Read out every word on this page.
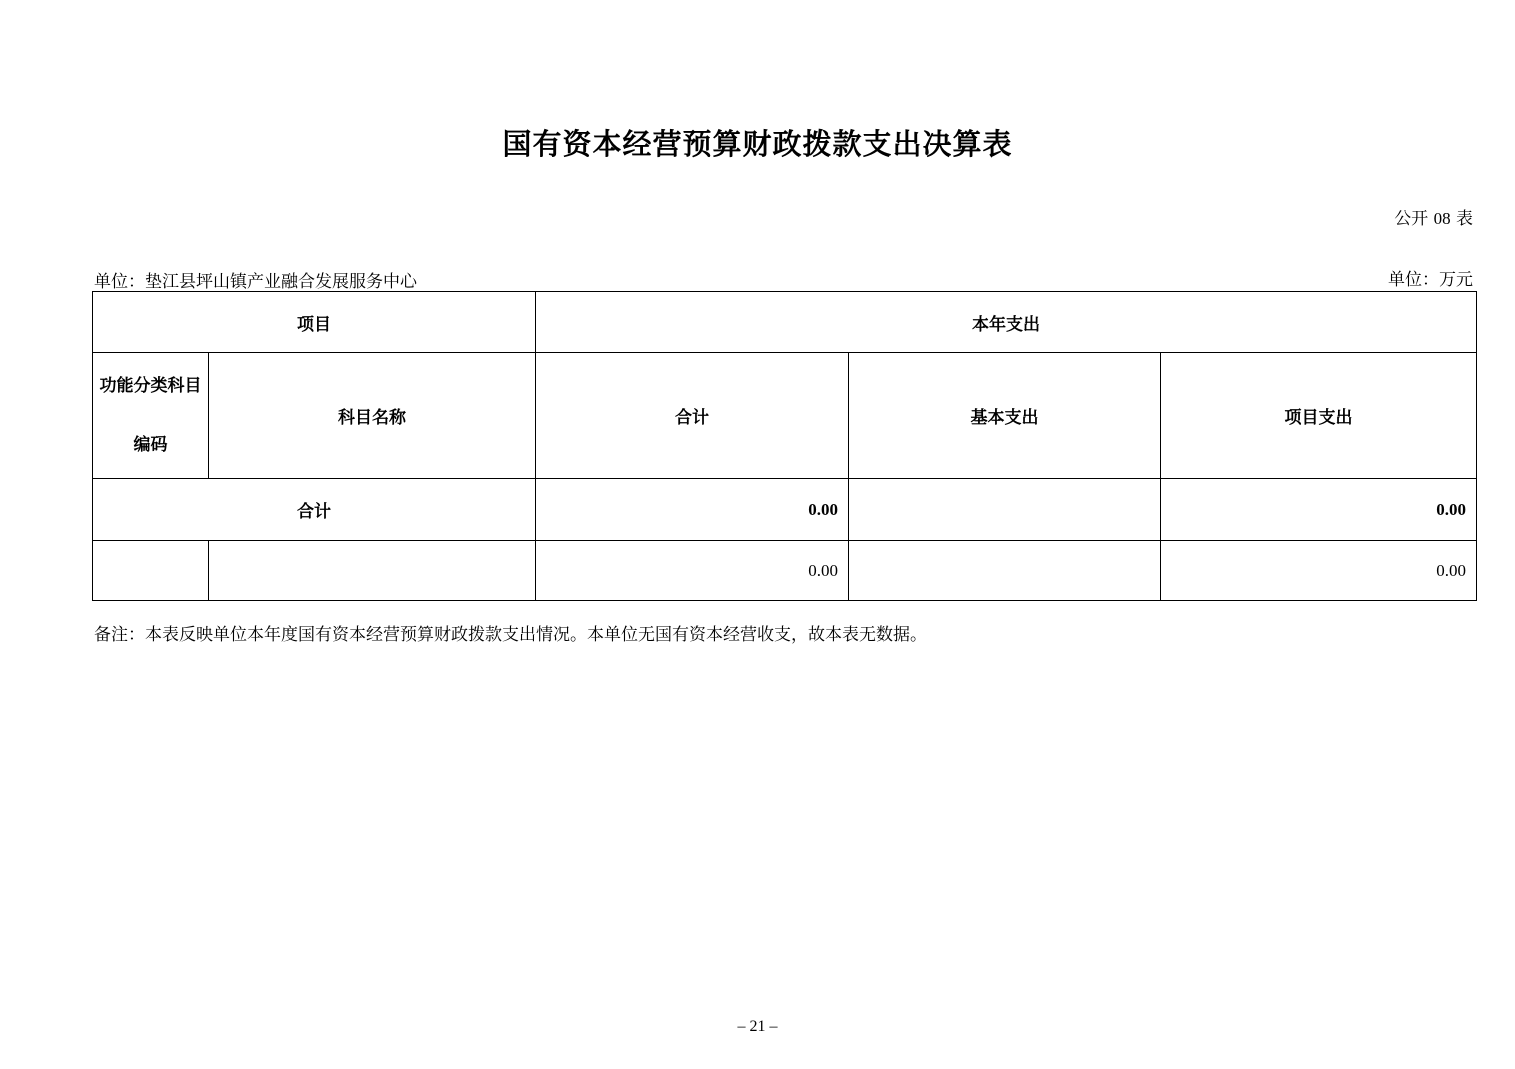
国有资本经营预算财政拨款支出决算表
公开 08 表
单位：垫江县坪山镇产业融合发展服务中心	单位：万元
项目		本年支出		

功能分类科目
编码	科目名称	合计	基本支出	项目支出
合计		0.00		0.00
		0.00		0.00
备注：本表反映单位本年度国有资本经营预算财政拨款支出情况。本单位无国有资本经营收支，故本表无数据。
– 21 –
